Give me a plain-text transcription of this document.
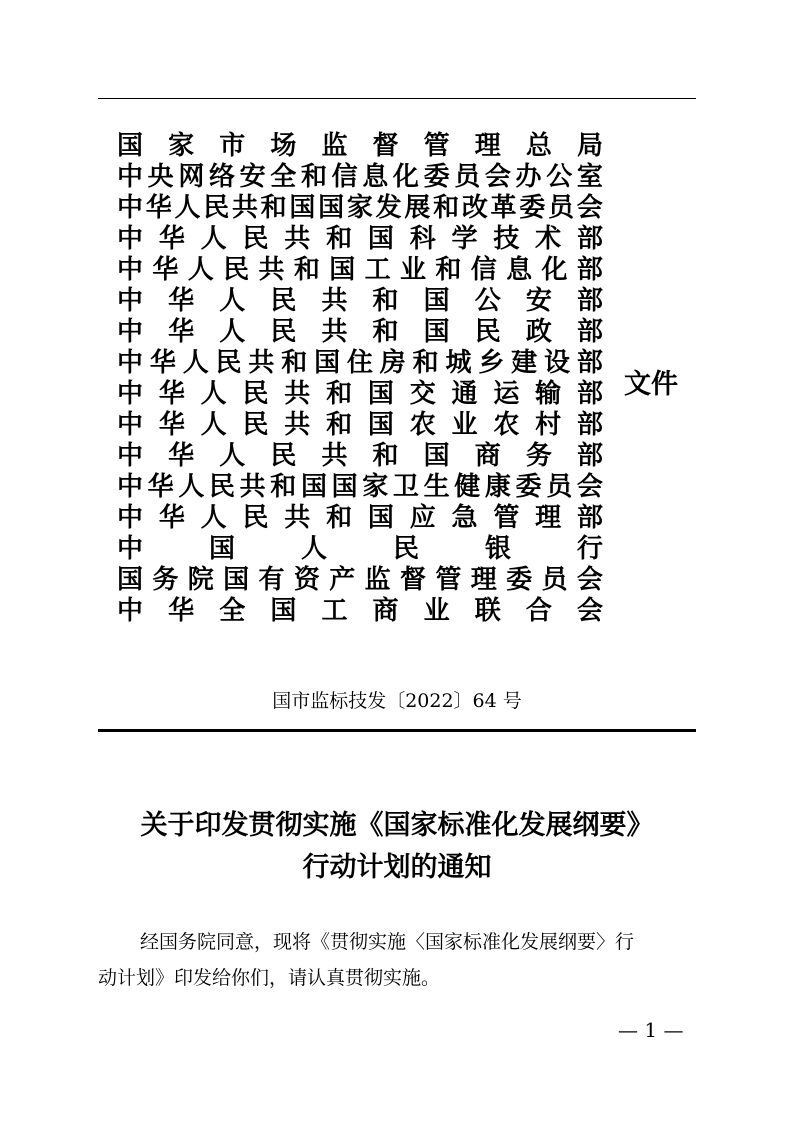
国 家 市 场 监 督 管 理 总 局
中 央 网 络 安 全 和 信 息 化 委 员 会 办 公 室
中 华 人 民 共 和 国 国 家 发 展 和 改 革 委 员 会
中 华 人 民 共 和 国 科 学 技 术 部
中 华 人 民 共 和 国 工 业 和 信 息 化 部
中 华 人 民 共 和 国 公 安 部
中 华 人 民 共 和 国 民 政 部
中 华 人 民 共 和 国 住 房 和 城 乡 建 设 部
中 华 人 民 共 和 国 交 通 运 输 部
中 华 人 民 共 和 国 农 业 农 村 部
中 华 人 民 共 和 国 商 务 部
中 华 人 民 共 和 国 国 家 卫 生 健 康 委 员 会
中 华 人 民 共 和 国 应 急 管 理 部
中	国	人	民	银	行
国 务 院 国 有 资 产 监 督 管 理 委 员 会
中 华 全 国 工 商 业 联 合 会
文件
国市监标技发〔2022〕64 号
关于印发贯彻实施《国家标准化发展纲要》
行动计划的通知
经国务院同意，现将《贯彻实施〈国家标准化发展纲要〉行
动计划》印发给你们，请认真贯彻实施。
— 1 —
